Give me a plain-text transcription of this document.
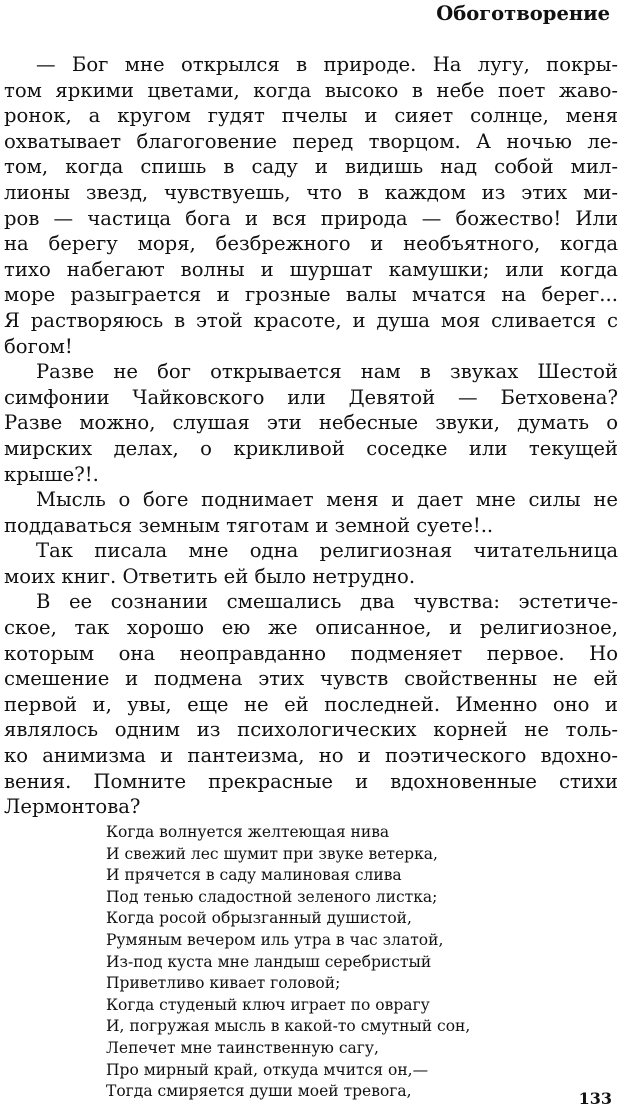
Обоготворение
— Бог мне открылся в природе. На лугу, покры-
том яркими цветами, когда высоко в небе поет жаво-
ронок, а кругом гудят пчелы и сияет солнце, меня
охватывает благоговение перед творцом. А ночью ле-
том, когда спишь в саду и видишь над собой мил-
лионы звезд, чувствуешь, что в каждом из этих ми-
ров — частица бога и вся природа — божество! Или
на берегу моря, безбрежного и необъятного, когда
тихо набегают волны и шуршат камушки; или когда
море разыграется и грозные валы мчатся на берег...
Я растворяюсь в этой красоте, и душа моя сливается с
богом!
Разве не бог открывается нам в звуках Шестой
симфонии Чайковского или Девятой — Бетховена?
Разве можно, слушая эти небесные звуки, думать о
мирских делах, о крикливой соседке или текущей
крыше?!.
Мысль о боге поднимает меня и дает мне силы не
поддаваться земным тяготам и земной суете!..
Так писала мне одна религиозная читательница
моих книг. Ответить ей было нетрудно.
В ее сознании смешались два чувства: эстетиче-
ское, так хорошо ею же описанное, и религиозное,
которым она неоправданно подменяет первое. Но
смешение и подмена этих чувств свойственны не ей
первой и, увы, еще не ей последней. Именно оно и
являлось одним из психологических корней не толь-
ко анимизма и пантеизма, но и поэтического вдохно-
вения. Помните прекрасные и вдохновенные стихи
Лермонтова?
Когда волнуется желтеющая нива
И свежий лес шумит при звуке ветерка,
И прячется в саду малиновая слива
Под тенью сладостной зеленого листка;
Когда росой обрызганный душистой,
Румяным вечером иль утра в час златой,
Из-под куста мне ландыш серебристый
Приветливо кивает головой;
Когда студеный ключ играет по оврагу
И, погружая мысль в какой-то смутный сон,
Лепечет мне таинственную сагу,
Про мирный край, откуда мчится он,—
Тогда смиряется души моей тревога,	133
